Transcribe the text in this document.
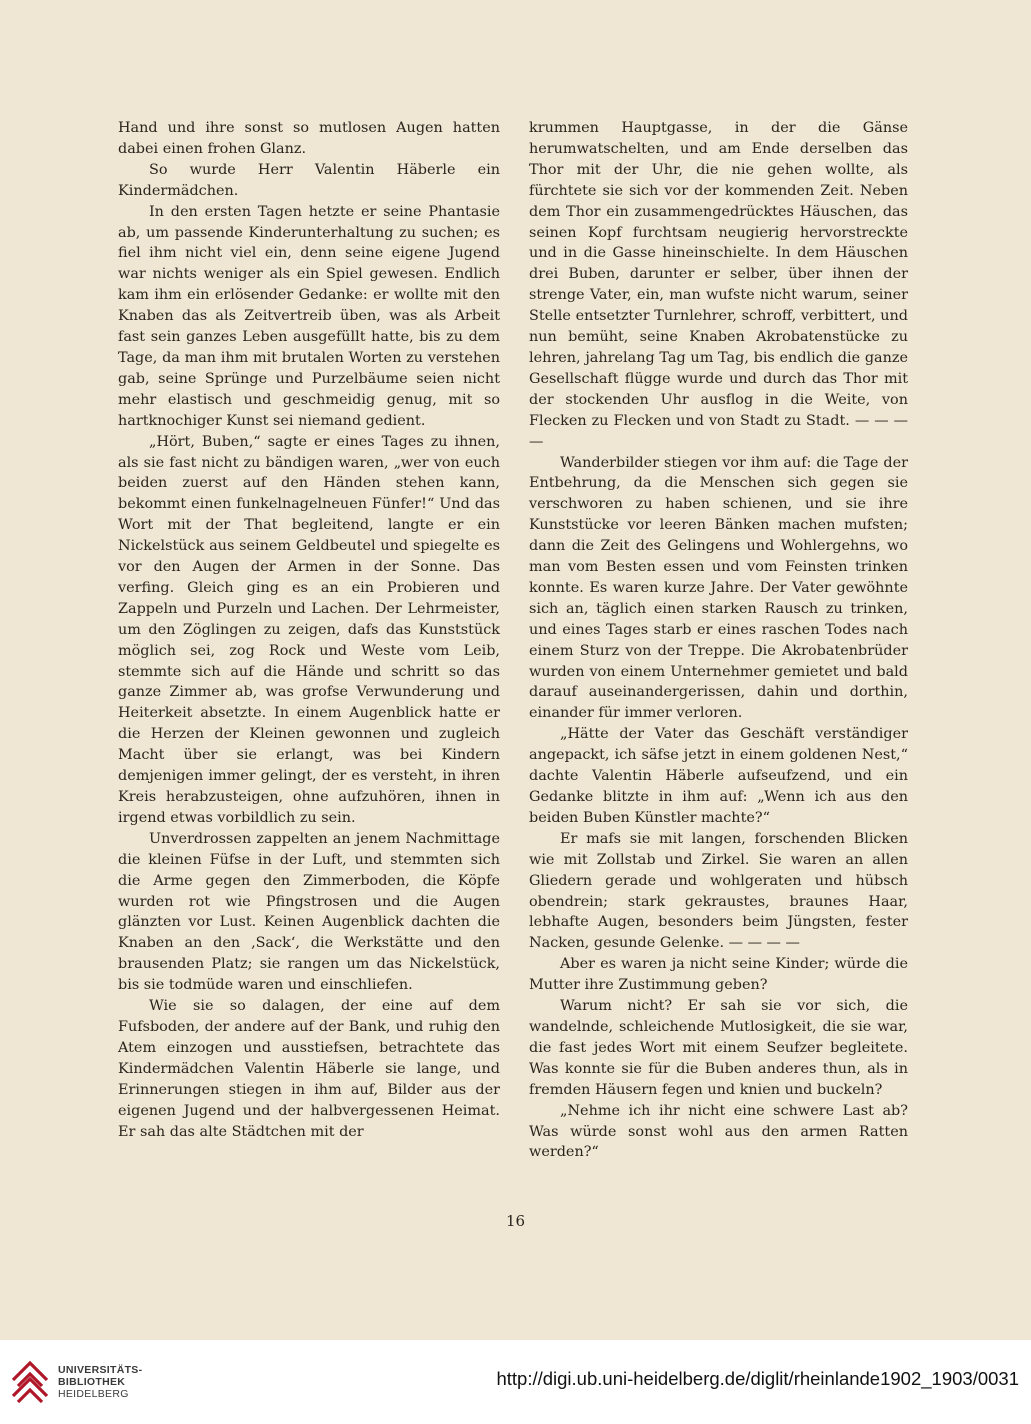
Hand und ihre sonst so mutlosen Augen hatten dabei einen frohen Glanz.

So wurde Herr Valentin Häberle ein Kindermädchen.

In den ersten Tagen hetzte er seine Phantasie ab, um passende Kinderunterhaltung zu suchen; es fiel ihm nicht viel ein, denn seine eigene Jugend war nichts weniger als ein Spiel gewesen. Endlich kam ihm ein erlösender Gedanke: er wollte mit den Knaben das als Zeitvertreib üben, was als Arbeit fast sein ganzes Leben ausgefüllt hatte, bis zu dem Tage, da man ihm mit brutalen Worten zu verstehen gab, seine Sprünge und Purzelbäume seien nicht mehr elastisch und geschmeidig genug, mit so hartknochiger Kunst sei niemand gedient.

„Hört, Buben,“ sagte er eines Tages zu ihnen, als sie fast nicht zu bändigen waren, „wer von euch beiden zuerst auf den Händen stehen kann, bekommt einen funkelnagelneuen Fünfer!“ Und das Wort mit der That begleitend, langte er ein Nickelstück aus seinem Geldbeutel und spiegelte es vor den Augen der Armen in der Sonne. Das verfing. Gleich ging es an ein Probieren und Zappeln und Purzeln und Lachen. Der Lehrmeister, um den Zöglingen zu zeigen, dafs das Kunststück möglich sei, zog Rock und Weste vom Leib, stemmte sich auf die Hände und schritt so das ganze Zimmer ab, was grofse Verwunderung und Heiterkeit absetzte. In einem Augenblick hatte er die Herzen der Kleinen gewonnen und zugleich Macht über sie erlangt, was bei Kindern demjenigen immer gelingt, der es versteht, in ihren Kreis herabzusteigen, ohne aufzuhören, ihnen in irgend etwas vorbildlich zu sein.

Unverdrossen zappelten an jenem Nachmittage die kleinen Füfse in der Luft, und stemmten sich die Arme gegen den Zimmerboden, die Köpfe wurden rot wie Pfingstrosen und die Augen glänzten vor Lust. Keinen Augenblick dachten die Knaben an den ‚Sack‘, die Werkstätte und den brausenden Platz; sie rangen um das Nickelstück, bis sie todmüde waren und einschliefen.

Wie sie so dalagen, der eine auf dem Fufsboden, der andere auf der Bank, und ruhig den Atem einzogen und ausstiefsen, betrachtete das Kindermädchen Valentin Häberle sie lange, und Erinnerungen stiegen in ihm auf, Bilder aus der eigenen Jugend und der halbvergessenen Heimat. Er sah das alte Städtchen mit der

krummen Hauptgasse, in der die Gänse herumwatschelten, und am Ende derselben das Thor mit der Uhr, die nie gehen wollte, als fürchtete sie sich vor der kommenden Zeit. Neben dem Thor ein zusammengedrücktes Häuschen, das seinen Kopf furchtsam neugierig hervorstreckte und in die Gasse hineinschielte. In dem Häuschen drei Buben, darunter er selber, über ihnen der strenge Vater, ein, man wufste nicht warum, seiner Stelle entsetzter Turnlehrer, schroff, verbittert, und nun bemüht, seine Knaben Akrobatenstücke zu lehren, jahrelang Tag um Tag, bis endlich die ganze Gesellschaft flügge wurde und durch das Thor mit der stockenden Uhr ausflog in die Weite, von Flecken zu Flecken und von Stadt zu Stadt. — — — —

Wanderbilder stiegen vor ihm auf: die Tage der Entbehrung, da die Menschen sich gegen sie verschworen zu haben schienen, und sie ihre Kunststücke vor leeren Bänken machen mufsten; dann die Zeit des Gelingens und Wohlergehns, wo man vom Besten essen und vom Feinsten trinken konnte. Es waren kurze Jahre. Der Vater gewöhnte sich an, täglich einen starken Rausch zu trinken, und eines Tages starb er eines raschen Todes nach einem Sturz von der Treppe. Die Akrobatenbrüder wurden von einem Unternehmer gemietet und bald darauf auseinandergerissen, dahin und dorthin, einander für immer verloren.

„Hätte der Vater das Geschäft verständiger angepackt, ich säfse jetzt in einem goldenen Nest,“ dachte Valentin Häberle aufseufzend, und ein Gedanke blitzte in ihm auf: „Wenn ich aus den beiden Buben Künstler machte?“

Er mafs sie mit langen, forschenden Blicken wie mit Zollstab und Zirkel. Sie waren an allen Gliedern gerade und wohlgeraten und hübsch obendrein; stark gekraustes, braunes Haar, lebhafte Augen, besonders beim Jüngsten, fester Nacken, gesunde Gelenke. — — — —

Aber es waren ja nicht seine Kinder; würde die Mutter ihre Zustimmung geben?

Warum nicht? Er sah sie vor sich, die wandelnde, schleichende Mutlosigkeit, die sie war, die fast jedes Wort mit einem Seufzer begleitete. Was konnte sie für die Buben anderes thun, als in fremden Häusern fegen und knien und buckeln?

„Nehme ich ihr nicht eine schwere Last ab? Was würde sonst wohl aus den armen Ratten werden?“

16
UNIVERSITÄTS-
BIBLIOTHEK
HEIDELBERG
http://digi.ub.uni-heidelberg.de/diglit/rheinlande1902_1903/0031
